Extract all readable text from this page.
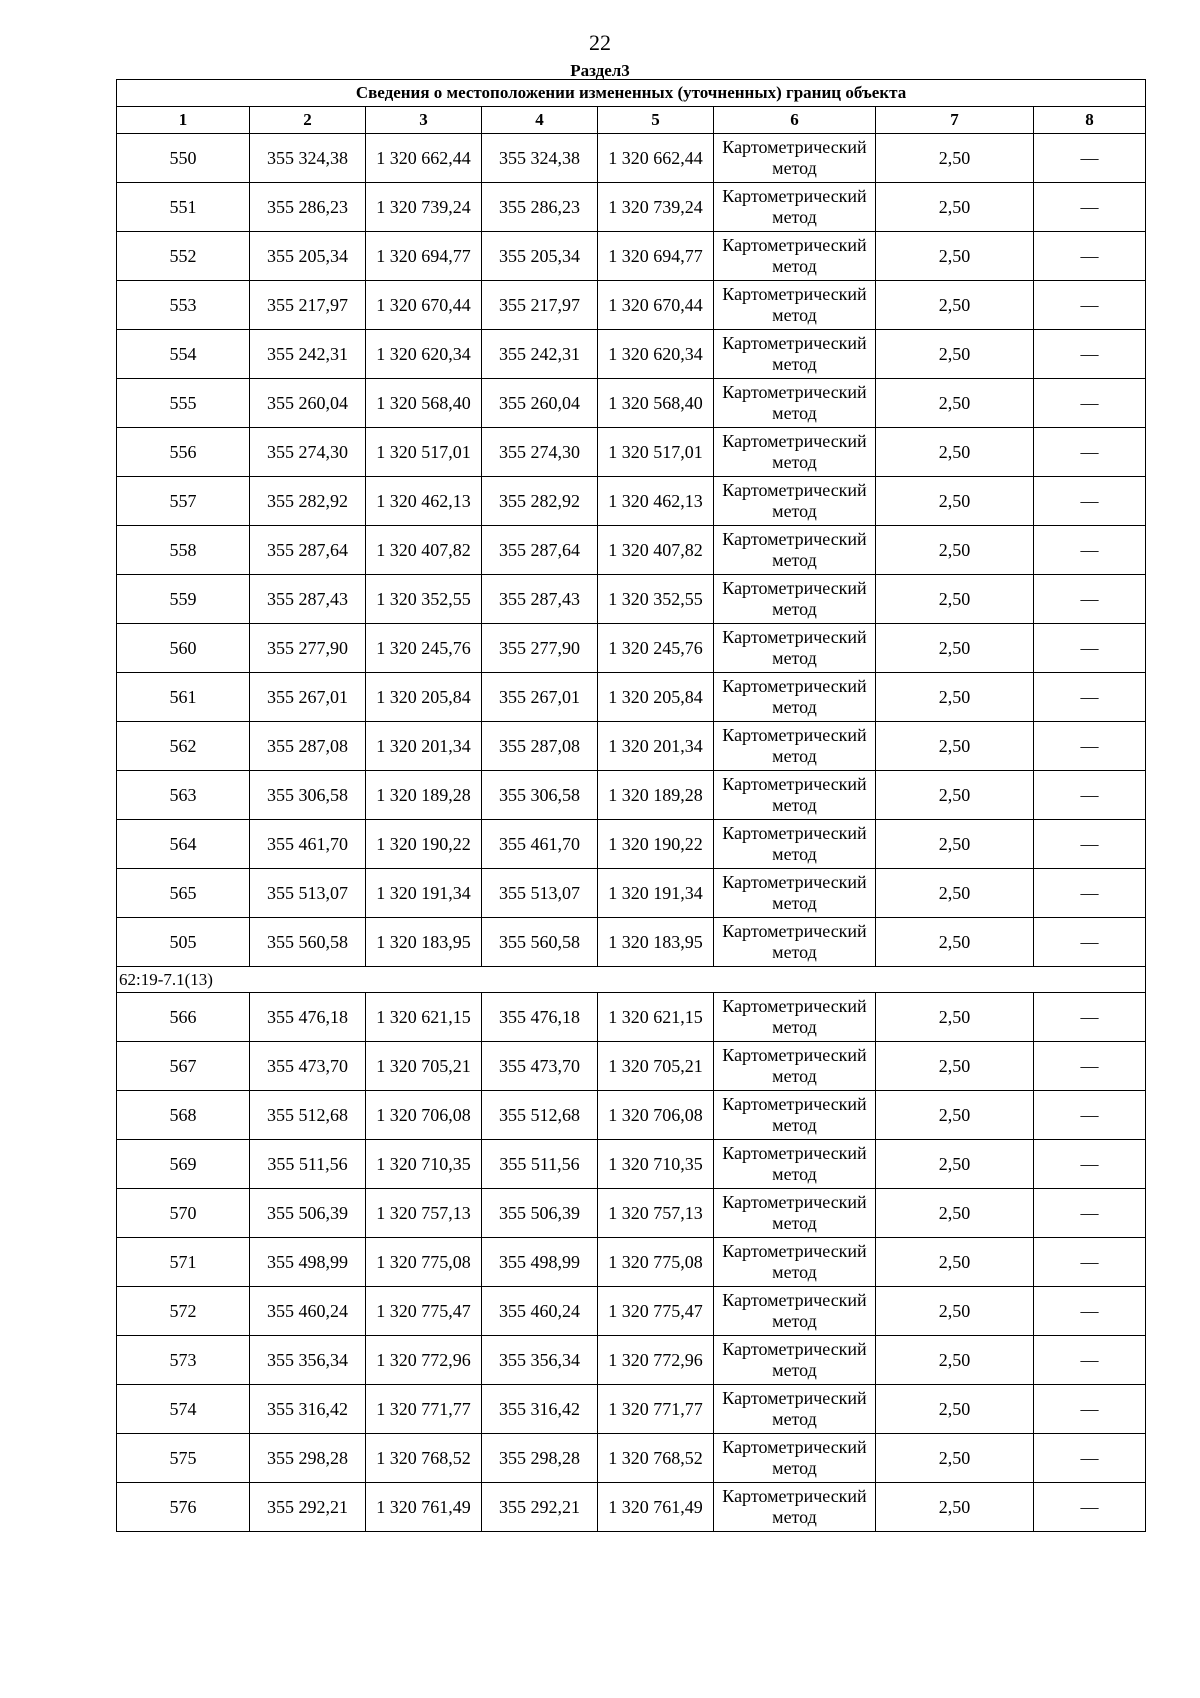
22
Раздел3
Сведения о местоположении измененных (уточненных) границ объекта							
1	2	3	4	5	6	7	8
550	355 324,38	1 320 662,44	355 324,38	1 320 662,44	Картометрический метод	2,50	—
551	355 286,23	1 320 739,24	355 286,23	1 320 739,24	Картометрический метод	2,50	—
552	355 205,34	1 320 694,77	355 205,34	1 320 694,77	Картометрический метод	2,50	—
553	355 217,97	1 320 670,44	355 217,97	1 320 670,44	Картометрический метод	2,50	—
554	355 242,31	1 320 620,34	355 242,31	1 320 620,34	Картометрический метод	2,50	—
555	355 260,04	1 320 568,40	355 260,04	1 320 568,40	Картометрический метод	2,50	—
556	355 274,30	1 320 517,01	355 274,30	1 320 517,01	Картометрический метод	2,50	—
557	355 282,92	1 320 462,13	355 282,92	1 320 462,13	Картометрический метод	2,50	—
558	355 287,64	1 320 407,82	355 287,64	1 320 407,82	Картометрический метод	2,50	—
559	355 287,43	1 320 352,55	355 287,43	1 320 352,55	Картометрический метод	2,50	—
560	355 277,90	1 320 245,76	355 277,90	1 320 245,76	Картометрический метод	2,50	—
561	355 267,01	1 320 205,84	355 267,01	1 320 205,84	Картометрический метод	2,50	—
562	355 287,08	1 320 201,34	355 287,08	1 320 201,34	Картометрический метод	2,50	—
563	355 306,58	1 320 189,28	355 306,58	1 320 189,28	Картометрический метод	2,50	—
564	355 461,70	1 320 190,22	355 461,70	1 320 190,22	Картометрический метод	2,50	—
565	355 513,07	1 320 191,34	355 513,07	1 320 191,34	Картометрический метод	2,50	—
505	355 560,58	1 320 183,95	355 560,58	1 320 183,95	Картометрический метод	2,50	—
62:19-7.1(13)							
566	355 476,18	1 320 621,15	355 476,18	1 320 621,15	Картометрический метод	2,50	—
567	355 473,70	1 320 705,21	355 473,70	1 320 705,21	Картометрический метод	2,50	—
568	355 512,68	1 320 706,08	355 512,68	1 320 706,08	Картометрический метод	2,50	—
569	355 511,56	1 320 710,35	355 511,56	1 320 710,35	Картометрический метод	2,50	—
570	355 506,39	1 320 757,13	355 506,39	1 320 757,13	Картометрический метод	2,50	—
571	355 498,99	1 320 775,08	355 498,99	1 320 775,08	Картометрический метод	2,50	—
572	355 460,24	1 320 775,47	355 460,24	1 320 775,47	Картометрический метод	2,50	—
573	355 356,34	1 320 772,96	355 356,34	1 320 772,96	Картометрический метод	2,50	—
574	355 316,42	1 320 771,77	355 316,42	1 320 771,77	Картометрический метод	2,50	—
575	355 298,28	1 320 768,52	355 298,28	1 320 768,52	Картометрический метод	2,50	—
576	355 292,21	1 320 761,49	355 292,21	1 320 761,49	Картометрический метод	2,50	—
